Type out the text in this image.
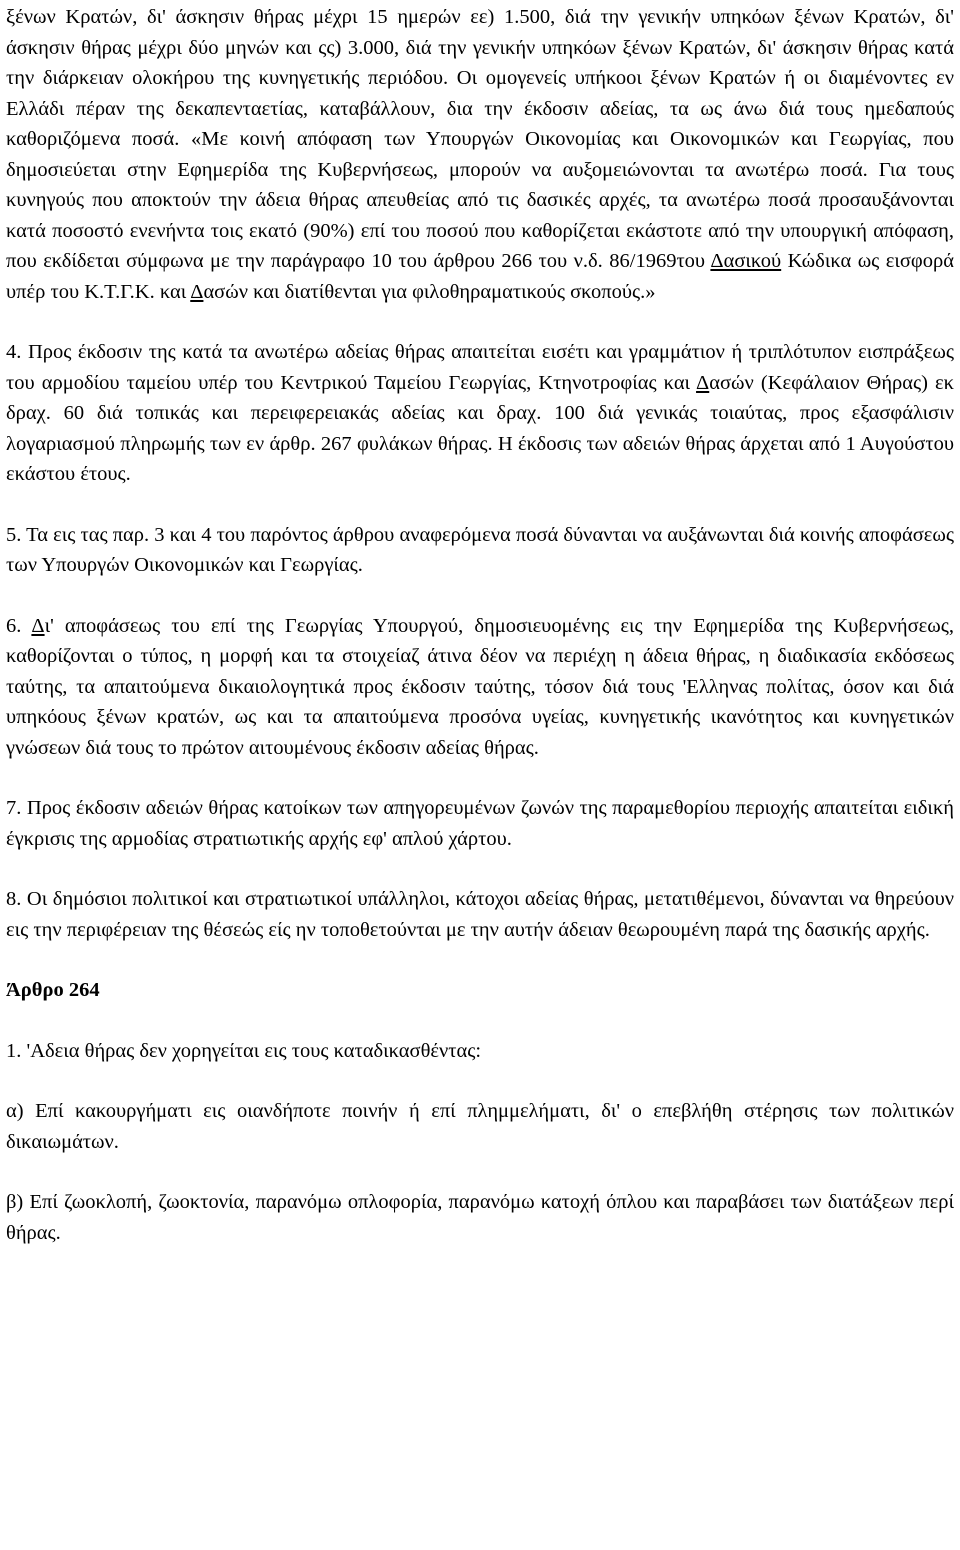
ξένων Κρατών, δι' άσκησιν θήρας μέχρι 15 ημερών εε) 1.500, διά την γενικήν υπηκόων ξένων Κρατών, δι' άσκησιν θήρας μέχρι δύο μηνών και ςς) 3.000, διά την γενικήν υπηκόων ξένων Κρατών, δι' άσκησιν θήρας κατά την διάρκειαν ολοκήρου της κυνηγετικής περιόδου. Οι ομογενείς υπήκοοι ξένων Κρατών ή οι διαμένοντες εν Ελλάδι πέραν της δεκαπενταετίας, καταβάλλουν, δια την έκδοσιν αδείας, τα ως άνω διά τους ημεδαπούς καθοριζόμενα ποσά. «Με κοινή απόφαση των Υπουργών Οικονομίας και Οικονομικών και Γεωργίας, που δημοσιεύεται στην Εφημερίδα της Κυβερνήσεως, μπορούν να αυξομειώνονται τα ανωτέρω ποσά. Για τους κυνηγούς που αποκτούν την άδεια θήρας απευθείας από τις δασικές αρχές, τα ανωτέρω ποσά προσαυξάνονται κατά ποσοστό ενενήντα τοις εκατό (90%) επί του ποσού που καθορίζεται εκάστοτε από την υπουργική απόφαση, που εκδίδεται σύμφωνα με την παράγραφο 10 του άρθρου 266 του ν.δ. 86/1969του Δασικού Κώδικα ως εισφορά υπέρ του Κ.Τ.Γ.Κ. και Δασών και διατίθενται για φιλοθηραματικούς σκοπούς.»

4. Προς έκδοσιν της κατά τα ανωτέρω αδείας θήρας απαιτείται εισέτι και γραμμάτιον ή τριπλότυπον εισπράξεως του αρμοδίου ταμείου υπέρ του Κεντρικού Ταμείου Γεωργίας, Κτηνοτροφίας και Δασών (Κεφάλαιον Θήρας) εκ δραχ. 60 διά τοπικάς και περειφερειακάς αδείας και δραχ. 100 διά γενικάς τοιαύτας, προς εξασφάλισιν λογαριασμού πληρωμής των εν άρθρ. 267 φυλάκων θήρας. Η έκδοσις των αδειών θήρας άρχεται από 1 Αυγούστου εκάστου έτους.

5. Τα εις τας παρ. 3 και 4 του παρόντος άρθρου αναφερόμενα ποσά δύνανται να αυξάνωνται διά κοινής αποφάσεως των Υπουργών Οικονομικών και Γεωργίας.

6. Δι' αποφάσεως του επί της Γεωργίας Υπουργού, δημοσιευομένης εις την Εφημερίδα της Κυβερνήσεως, καθορίζονται ο τύπος, η μορφή και τα στοιχείαζ άτινα δέον να περιέχη η άδεια θήρας, η διαδικασία εκδόσεως ταύτης, τα απαιτούμενα δικαιολογητικά προς έκδοσιν ταύτης, τόσον διά τους 'Ελληνας πολίτας, όσον και διά υπηκόους ξένων κρατών, ως και τα απαιτούμενα προσόνα υγείας, κυνηγετικής ικανότητος και κυνηγετικών γνώσεων διά τους το πρώτον αιτουμένους έκδοσιν αδείας θήρας.

7. Προς έκδοσιν αδειών θήρας κατοίκων των απηγορευμένων ζωνών της παραμεθορίου περιοχής απαιτείται ειδική έγκρισις της αρμοδίας στρατιωτικής αρχής εφ' απλού χάρτου.

8. Οι δημόσιοι πολιτικοί και στρατιωτικοί υπάλληλοι, κάτοχοι αδείας θήρας, μετατιθέμενοι, δύνανται να θηρεύουν εις την περιφέρειαν της θέσεώς είς ην τοποθετούνται με την αυτήν άδειαν θεωρουμένη παρά της δασικής αρχής.

Άρθρο 264

1. 'Αδεια θήρας δεν χορηγείται εις τους καταδικασθέντας:

α) Επί κακουργήματι εις οιανδήποτε ποινήν ή επί πλημμελήματι, δι' ο επεβλήθη στέρησις των πολιτικών δικαιωμάτων.

β) Επί ζωοκλοπή, ζωοκτονία, παρανόμω οπλοφορία, παρανόμω κατοχή όπλου και παραβάσει των διατάξεων περί θήρας.
